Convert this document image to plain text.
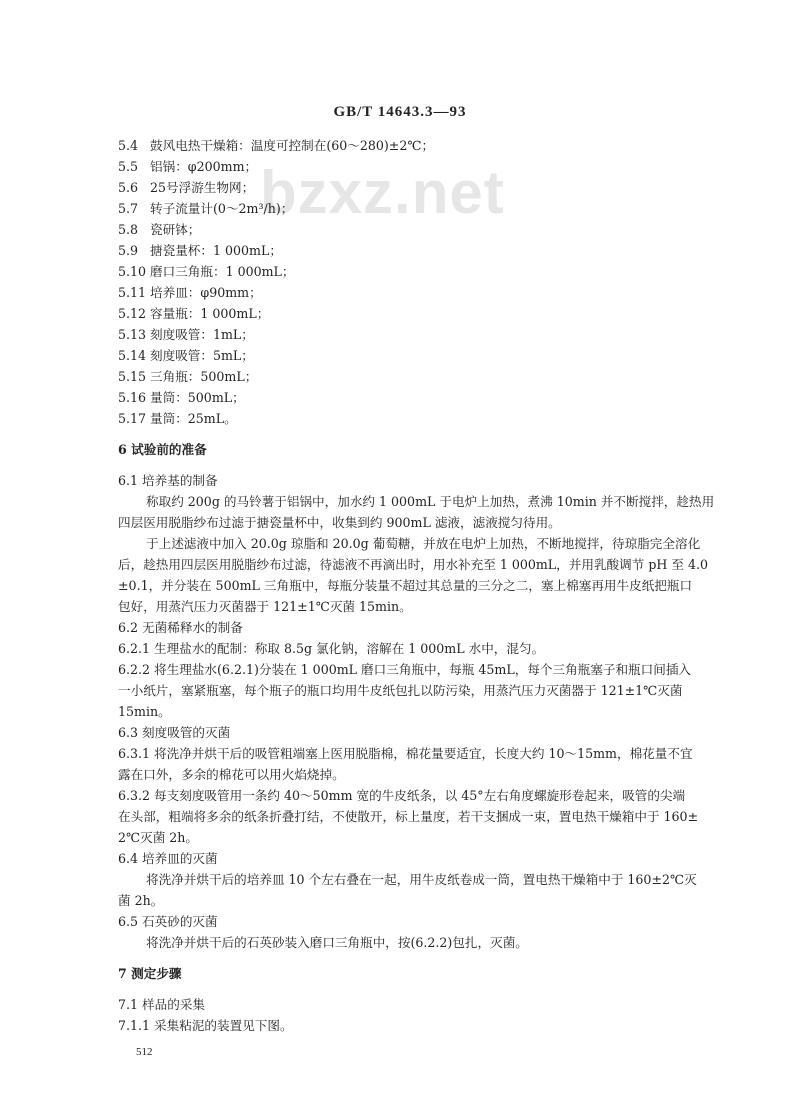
bzxz.net
GB/T 14643.3—93
5.4 鼓风电热干燥箱：温度可控制在(60～280)±2℃；
5.5 铝锅：φ200mm；
5.6 25号浮游生物网；
5.7 转子流量计(0～2m³/h)；
5.8 瓷研钵；
5.9 搪瓷量杯：1 000mL；
5.10 磨口三角瓶：1 000mL；
5.11 培养皿：φ90mm；
5.12 容量瓶：1 000mL；
5.13 刻度吸管：1mL；
5.14 刻度吸管：5mL；
5.15 三角瓶：500mL；
5.16 量筒：500mL；
5.17 量筒：25mL。
6 试验前的准备
6.1 培养基的制备
称取约 200g 的马铃薯于铝锅中，加水约 1 000mL 于电炉上加热，煮沸 10min 并不断搅拌，趁热用
四层医用脱脂纱布过滤于搪瓷量杯中，收集到约 900mL 滤液，滤液搅匀待用。
于上述滤液中加入 20.0g 琼脂和 20.0g 葡萄糖，并放在电炉上加热，不断地搅拌，待琼脂完全溶化
后，趁热用四层医用脱脂纱布过滤，待滤液不再滴出时，用水补充至 1 000mL，并用乳酸调节 pH 至 4.0
±0.1，并分装在 500mL 三角瓶中，每瓶分装量不超过其总量的三分之二，塞上棉塞再用牛皮纸把瓶口
包好，用蒸汽压力灭菌器于 121±1℃灭菌 15min。
6.2 无菌稀释水的制备
6.2.1 生理盐水的配制：称取 8.5g 氯化钠，溶解在 1 000mL 水中，混匀。
6.2.2 将生理盐水(6.2.1)分装在 1 000mL 磨口三角瓶中，每瓶 45mL，每个三角瓶塞子和瓶口间插入
一小纸片，塞紧瓶塞，每个瓶子的瓶口均用牛皮纸包扎以防污染，用蒸汽压力灭菌器于 121±1℃灭菌
15min。
6.3 刻度吸管的灭菌
6.3.1 将洗净并烘干后的吸管粗端塞上医用脱脂棉，棉花量要适宜，长度大约 10～15mm，棉花量不宜
露在口外，多余的棉花可以用火焰烧掉。
6.3.2 每支刻度吸管用一条约 40～50mm 宽的牛皮纸条，以 45°左右角度螺旋形卷起来，吸管的尖端
在头部，粗端将多余的纸条折叠打结，不使散开，标上量度，若干支捆成一束，置电热干燥箱中于 160±
2℃灭菌 2h。
6.4 培养皿的灭菌
将洗净并烘干后的培养皿 10 个左右叠在一起，用牛皮纸卷成一筒，置电热干燥箱中于 160±2℃灭
菌 2h。
6.5 石英砂的灭菌
将洗净并烘干后的石英砂装入磨口三角瓶中，按(6.2.2)包扎，灭菌。
7 测定步骤
7.1 样品的采集
7.1.1 采集粘泥的装置见下图。
512
